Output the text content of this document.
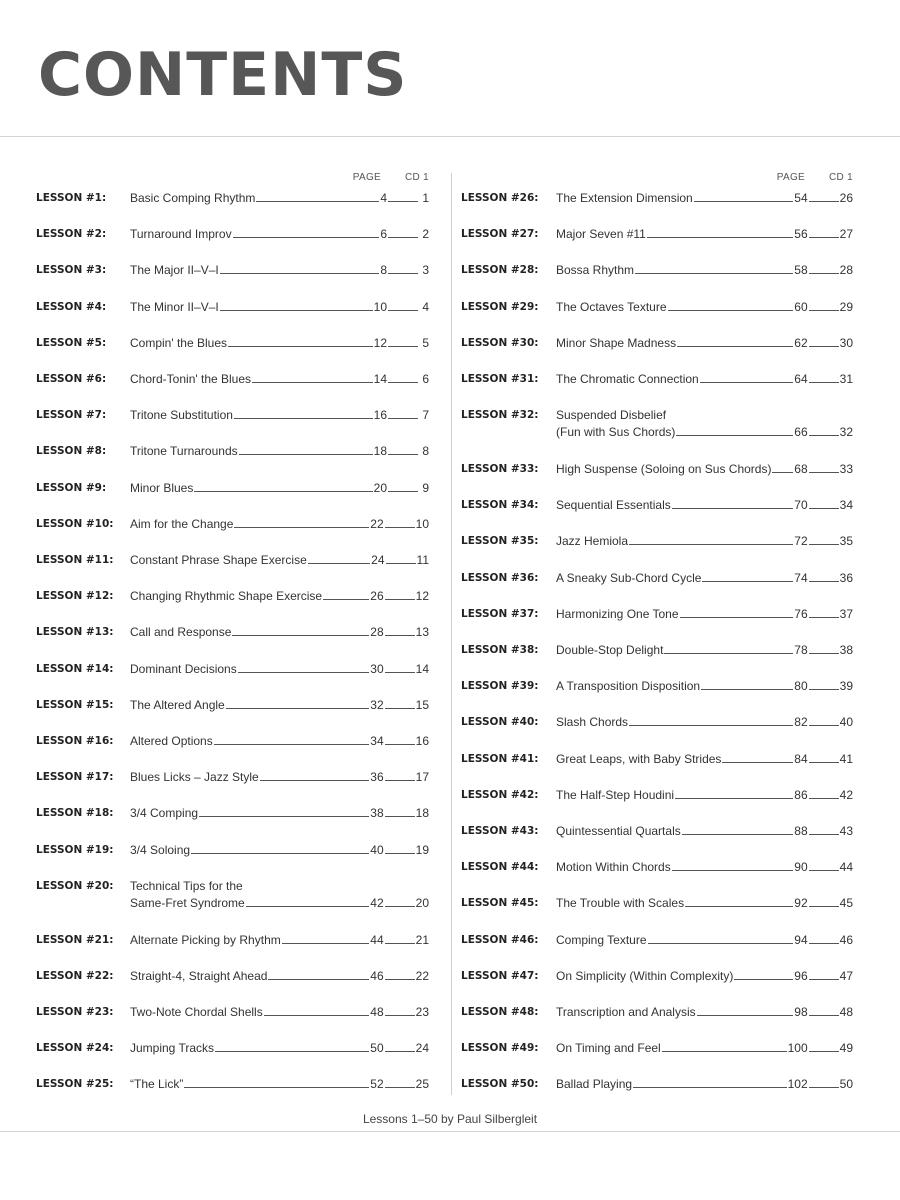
CONTENTS
PAGE CD 1
LESSON #1: Basic Comping Rhythm	4	1
LESSON #2: Turnaround Improv	6	2
LESSON #3: The Major II–V–I	8	3
LESSON #4: The Minor II–V–I	10	4
LESSON #5: Compin' the Blues	12	5
LESSON #6: Chord-Tonin' the Blues	14	6
LESSON #7: Tritone Substitution	16	7
LESSON #8: Tritone Turnarounds	18	8
LESSON #9: Minor Blues	20	9
LESSON #10: Aim for the Change	22	10
LESSON #11: Constant Phrase Shape Exercise	24	11
LESSON #12: Changing Rhythmic Shape Exercise	26	12
LESSON #13: Call and Response	28	13
LESSON #14: Dominant Decisions	30	14
LESSON #15: The Altered Angle	32	15
LESSON #16: Altered Options	34	16
LESSON #17: Blues Licks – Jazz Style	36	17
LESSON #18: 3/4 Comping	38	18
LESSON #19: 3/4 Soloing	40	19
LESSON #20: Technical Tips for the
Same-Fret Syndrome	42	20
LESSON #21: Alternate Picking by Rhythm	44	21
LESSON #22: Straight-4, Straight Ahead	46	22
LESSON #23: Two-Note Chordal Shells	48	23
LESSON #24: Jumping Tracks	50	24
LESSON #25: “The Lick”	52	25
PAGE CD 1
LESSON #26: The Extension Dimension	54	26
LESSON #27: Major Seven #11	56	27
LESSON #28: Bossa Rhythm	58	28
LESSON #29: The Octaves Texture	60	29
LESSON #30: Minor Shape Madness	62	30
LESSON #31: The Chromatic Connection	64	31
LESSON #32: Suspended Disbelief
(Fun with Sus Chords)	66	32
LESSON #33: High Suspense (Soloing on Sus Chords) 68	33
LESSON #34: Sequential Essentials	70	34
LESSON #35: Jazz Hemiola	72	35
LESSON #36: A Sneaky Sub-Chord Cycle	74	36
LESSON #37: Harmonizing One Tone	76	37
LESSON #38: Double-Stop Delight	78	38
LESSON #39: A Transposition Disposition	80	39
LESSON #40: Slash Chords	82	40
LESSON #41: Great Leaps, with Baby Strides	84	41
LESSON #42: The Half-Step Houdini	86	42
LESSON #43: Quintessential Quartals	88	43
LESSON #44: Motion Within Chords	90	44
LESSON #45: The Trouble with Scales	92	45
LESSON #46: Comping Texture	94	46
LESSON #47: On Simplicity (Within Complexity)	96	47
LESSON #48: Transcription and Analysis	98	48
LESSON #49: On Timing and Feel	100	49
LESSON #50: Ballad Playing	102	50
Lessons 1–50 by Paul Silbergleit
